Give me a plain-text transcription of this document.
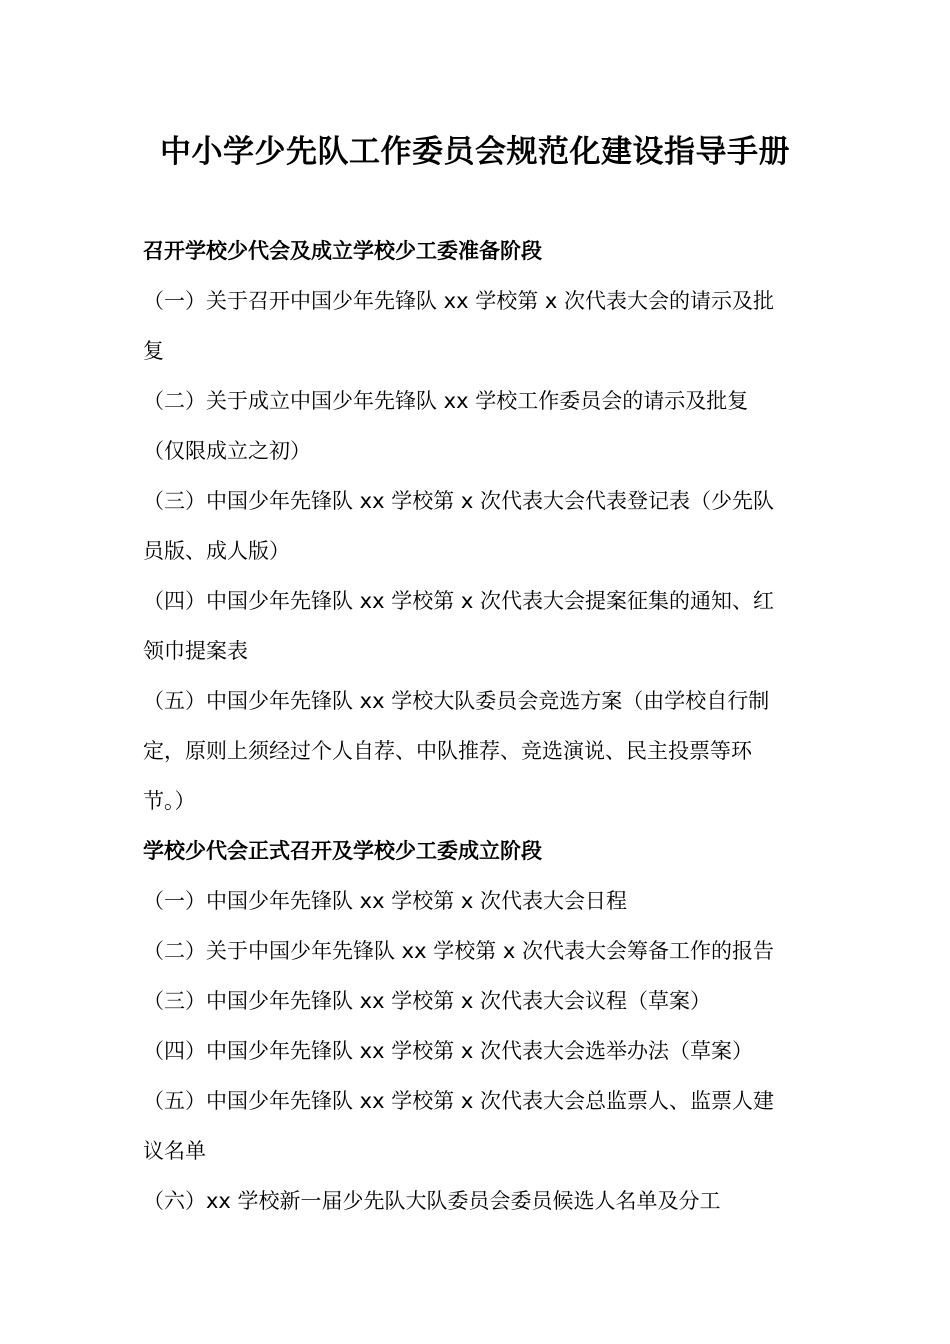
中小学少先队工作委员会规范化建设指导手册

召开学校少代会及成立学校少工委准备阶段

（一）关于召开中国少年先锋队 xx 学校第 x 次代表大会的请示及批

复

（二）关于成立中国少年先锋队 xx 学校工作委员会的请示及批复

（仅限成立之初）

（三）中国少年先锋队 xx 学校第 x 次代表大会代表登记表（少先队

员版、成人版）

（四）中国少年先锋队 xx 学校第 x 次代表大会提案征集的通知、红

领巾提案表

（五）中国少年先锋队 xx 学校大队委员会竞选方案（由学校自行制

定，原则上须经过个人自荐、中队推荐、竞选演说、民主投票等环

节。）

学校少代会正式召开及学校少工委成立阶段

（一）中国少年先锋队 xx 学校第 x 次代表大会日程

（二）关于中国少年先锋队 xx 学校第 x 次代表大会筹备工作的报告

（三）中国少年先锋队 xx 学校第 x 次代表大会议程（草案）

（四）中国少年先锋队 xx 学校第 x 次代表大会选举办法（草案）

（五）中国少年先锋队 xx 学校第 x 次代表大会总监票人、监票人建

议名单

（六）xx 学校新一届少先队大队委员会委员候选人名单及分工
